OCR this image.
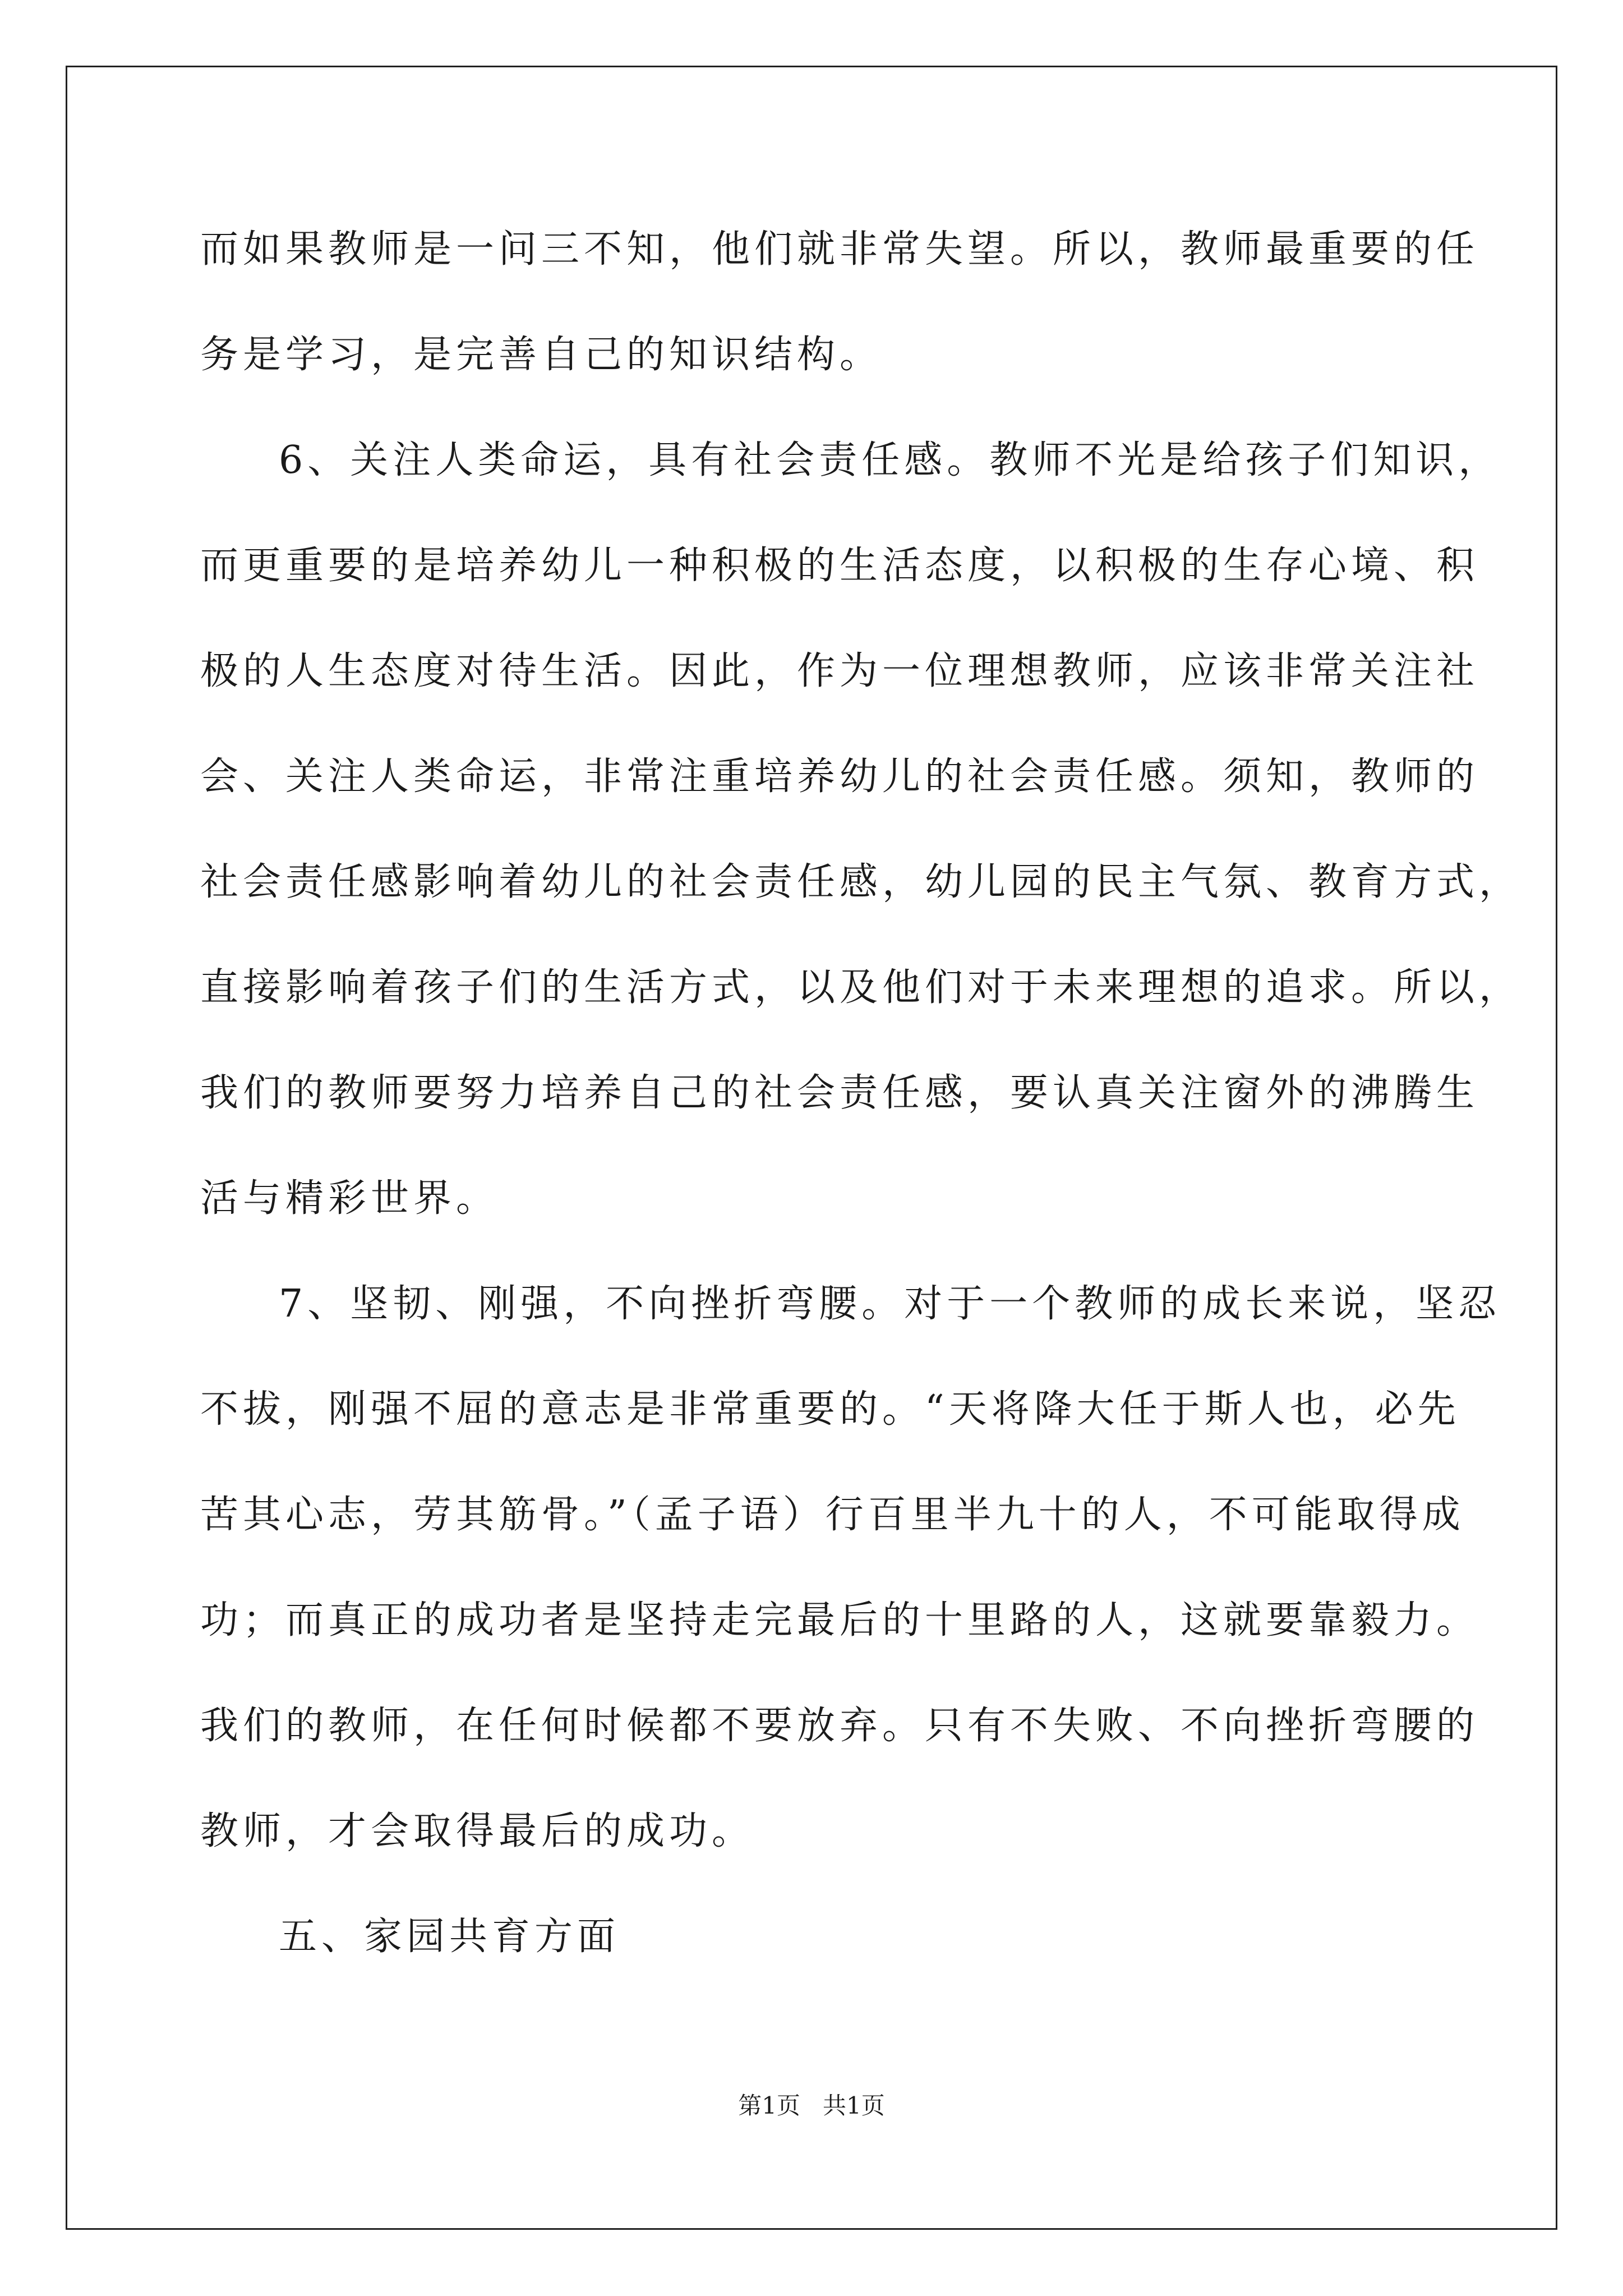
而如果教师是一问三不知，他们就非常失望。所以，教师最重要的任
务是学习，是完善自己的知识结构。
6、关注人类命运，具有社会责任感。教师不光是给孩子们知识，
而更重要的是培养幼儿一种积极的生活态度，以积极的生存心境、积
极的人生态度对待生活。因此，作为一位理想教师，应该非常关注社
会、关注人类命运，非常注重培养幼儿的社会责任感。须知，教师的
社会责任感影响着幼儿的社会责任感，幼儿园的民主气氛、教育方式，
直接影响着孩子们的生活方式，以及他们对于未来理想的追求。所以，
我们的教师要努力培养自己的社会责任感，要认真关注窗外的沸腾生
活与精彩世界。
7、坚韧、刚强，不向挫折弯腰。对于一个教师的成长来说，坚忍
不拔，刚强不屈的意志是非常重要的。“天将降大任于斯人也，必先
苦其心志，劳其筋骨。”（孟子语）行百里半九十的人，不可能取得成
功；而真正的成功者是坚持走完最后的十里路的人，这就要靠毅力。
我们的教师，在任何时候都不要放弃。只有不失败、不向挫折弯腰的
教师，才会取得最后的成功。
五、家园共育方面
第1页   共1页
